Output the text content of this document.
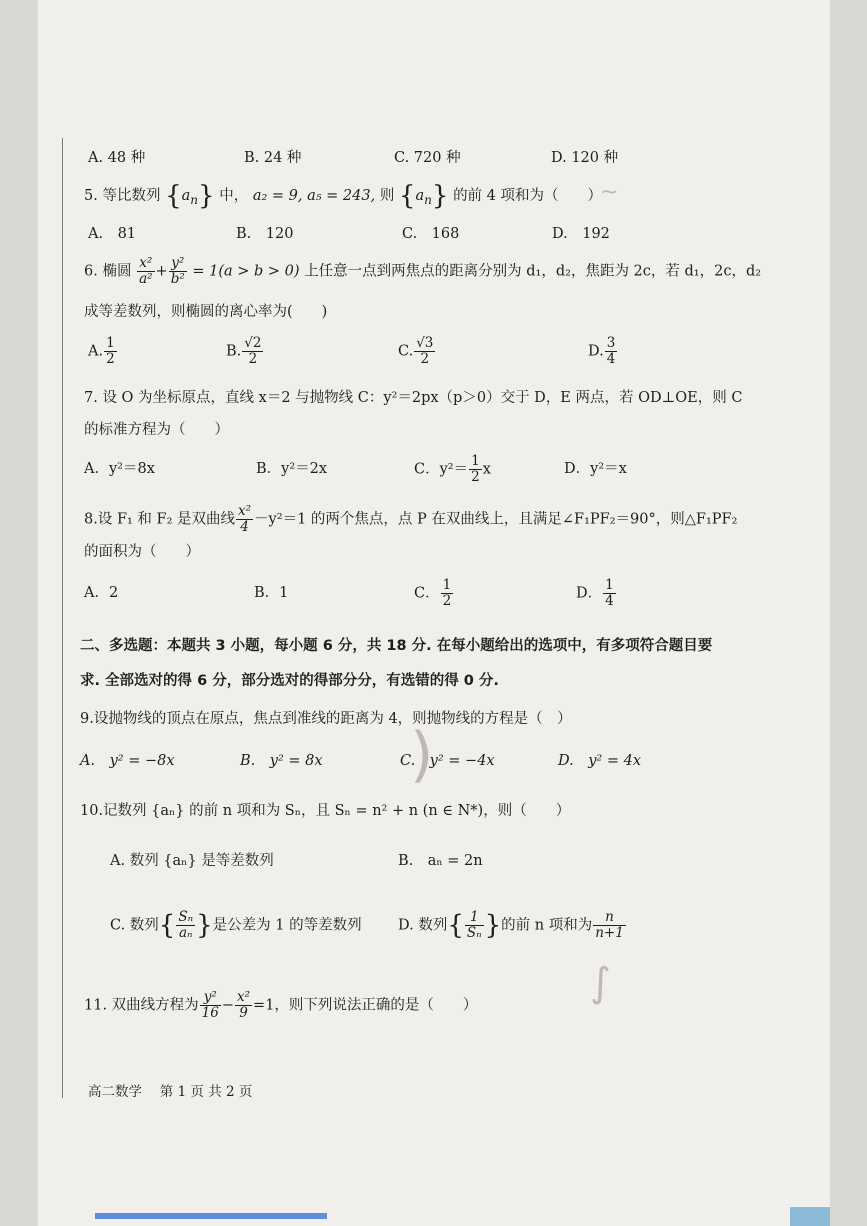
~
)
∫
A. 48 种	B. 24 种	C. 720 种	D. 120 种
5. 等比数列 $\{a_n\}$ 中， a₂ = 9, a₅ = 243, 则 $\{a_n\}$ 的前 4 项和为（　　）
A.　81	B.　120	C.　168	D.　192
6. 椭圆 $\frac{\text{x²}}{\text{a²}} + \frac{\text{y²}}{\text{b²}} = 1(a > b > 0)$ 上任意一点到两焦点的距离分别为 d₁，d₂，焦距为 2c，若 d₁，2c，d₂
成等差数列，则椭圆的离心率为(　　)
A. $\frac{1}{2}$	B. $\frac{√2}{2}$	C. $\frac{√3}{2}$	D. $\frac{3}{4}$
7. 设 O 为坐标原点，直线 x＝2 与抛物线 C：y²＝2px（p＞0）交于 D，E 两点，若 OD⊥OE，则 C
的标准方程为（　　）
A．y²＝8x	B．y²＝2x	C．$y^2= \frac{1}{2}$ x	D．y²＝x
8.设 F₁ 和 F₂ 是双曲线 $\frac{\text{x²}}{4} -y^2=1$ 的两个焦点，点 P 在双曲线上，且满足∠F₁PF₂＝90°，则△F₁PF₂
的面积为（　　）
A．2	B．1	C． $\frac{1}{2}$	D． $\frac{1}{4}$
二、多选题：本题共 3 小题，每小题 6 分，共 18 分. 在每小题给出的选项中，有多项符合题目要
求. 全部选对的得 6 分，部分选对的得部分分，有选错的得 0 分.
9.设抛物线的顶点在原点，焦点到准线的距离为 4，则抛物线的方程是（　）
A.　y² = −8x	B.　y² = 8x	C.　y² = −4x	D.　y² = 4x
10.记数列 {aₙ} 的前 n 项和为 Sₙ，且 Sₙ = n² + n (n ∈ N*)，则（　　）
A. 数列 {aₙ} 是等差数列	B.　aₙ = 2n
C. 数列{ $\frac{\text{Sₙ}}{\text{aₙ}}$ }是公差为 1 的等差数列	D. 数列{ $\frac{1}{\text{Sₙ}}$ }的前 n 项和为 $\frac{n}{n+1}$
11. 双曲线方程为 $\frac{\text{y²}}{16} - \frac{\text{x²}}{9} =1$，则下列说法正确的是（　　）
高二数学　 第 1 页 共 2 页
